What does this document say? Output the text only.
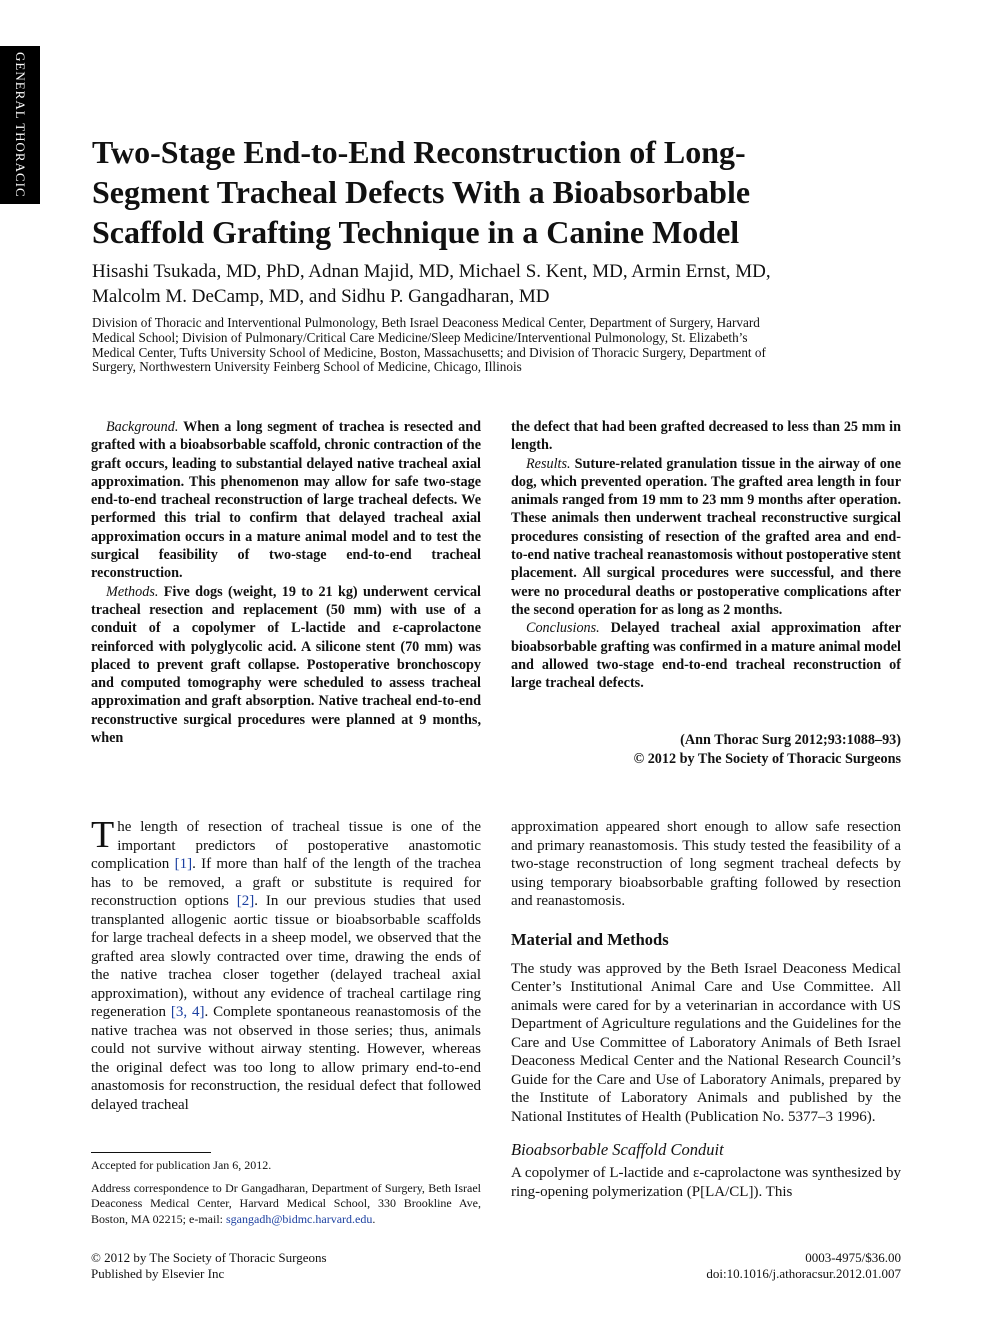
GENERAL THORACIC Two-Stage End-to-End Reconstruction of Long-
Segment Tracheal Defects With a Bioabsorbable
Scaffold Grafting Technique in a Canine Model
Hisashi Tsukada, MD, PhD, Adnan Majid, MD, Michael S. Kent, MD, Armin Ernst, MD,
Malcolm M. DeCamp, MD, and Sidhu P. Gangadharan, MD
Division of Thoracic and Interventional Pulmonology, Beth Israel Deaconess Medical Center, Department of Surgery, Harvard
Medical School; Division of Pulmonary/Critical Care Medicine/Sleep Medicine/Interventional Pulmonology, St. Elizabeth’s
Medical Center, Tufts University School of Medicine, Boston, Massachusetts; and Division of Thoracic Surgery, Department of
Surgery, Northwestern University Feinberg School of Medicine, Chicago, Illinois

Background. When a long segment of trachea is resected and grafted with a bioabsorbable scaffold, chronic contraction of the graft occurs, leading to substantial delayed native tracheal axial approximation. This phenomenon may allow for safe two-stage end-to-end tracheal reconstruction of large tracheal defects. We performed this trial to confirm that delayed tracheal axial approximation occurs in a mature animal model and to test the surgical feasibility of two-stage end-to-end tracheal reconstruction.

Methods. Five dogs (weight, 19 to 21 kg) underwent cervical tracheal resection and replacement (50 mm) with use of a conduit of a copolymer of L-lactide and ε-caprolactone reinforced with polyglycolic acid. A silicone stent (70 mm) was placed to prevent graft collapse. Postoperative bronchoscopy and computed tomography were scheduled to assess tracheal approximation and graft absorption. Native tracheal end-to-end reconstructive surgical procedures were planned at 9 months, when

the defect that had been grafted decreased to less than 25 mm in length.

Results. Suture-related granulation tissue in the airway of one dog, which prevented operation. The grafted area length in four animals ranged from 19 mm to 23 mm 9 months after operation. These animals then underwent tracheal reconstructive surgical procedures consisting of resection of the grafted area and end-to-end native tracheal reanastomosis without postoperative stent placement. All surgical procedures were successful, and there were no procedural deaths or postoperative complications after the second operation for as long as 2 months.

Conclusions. Delayed tracheal axial approximation after bioabsorbable grafting was confirmed in a mature animal model and allowed two-stage end-to-end tracheal reconstruction of large tracheal defects.

(Ann Thorac Surg 2012;93:1088–93)
© 2012 by The Society of Thoracic Surgeons

The length of resection of tracheal tissue is one of the important predictors of postoperative anastomotic complication [1]. If more than half of the length of the trachea has to be removed, a graft or substitute is required for reconstruction options [2]. In our previous studies that used transplanted allogenic aortic tissue or bioabsorbable scaffolds for large tracheal defects in a sheep model, we observed that the grafted area slowly contracted over time, drawing the ends of the native trachea closer together (delayed tracheal axial approximation), without any evidence of tracheal cartilage ring regeneration [3, 4]. Complete spontaneous reanastomosis of the native trachea was not observed in those series; thus, animals could not survive without airway stenting. However, whereas the original defect was too long to allow primary end-to-end anastomosis for reconstruction, the residual defect that followed delayed tracheal

approximation appeared short enough to allow safe resection and primary reanastomosis. This study tested the feasibility of a two-stage reconstruction of long segment tracheal defects by using temporary bioabsorbable grafting followed by resection and reanastomosis.

Material and Methods

The study was approved by the Beth Israel Deaconess Medical Center’s Institutional Animal Care and Use Committee. All animals were cared for by a veterinarian in accordance with US Department of Agriculture regulations and the Guidelines for the Care and Use Committee of Laboratory Animals of Beth Israel Deaconess Medical Center and the National Research Council’s Guide for the Care and Use of Laboratory Animals, prepared by the Institute of Laboratory Animals and published by the National Institutes of Health (Publication No. 5377–3 1996).

Bioabsorbable Scaffold Conduit

A copolymer of L-lactide and ε-caprolactone was synthesized by ring-opening polymerization (P[LA/CL]). This

Accepted for publication Jan 6, 2012.

Address correspondence to Dr Gangadharan, Department of Surgery, Beth Israel Deaconess Medical Center, Harvard Medical School, 330 Brookline Ave, Boston, MA 02215; e-mail: sgangadh@bidmc.harvard.edu.

© 2012 by The Society of Thoracic Surgeons
Published by Elsevier Inc
0003-4975/$36.00
doi:10.1016/j.athoracsur.2012.01.007
